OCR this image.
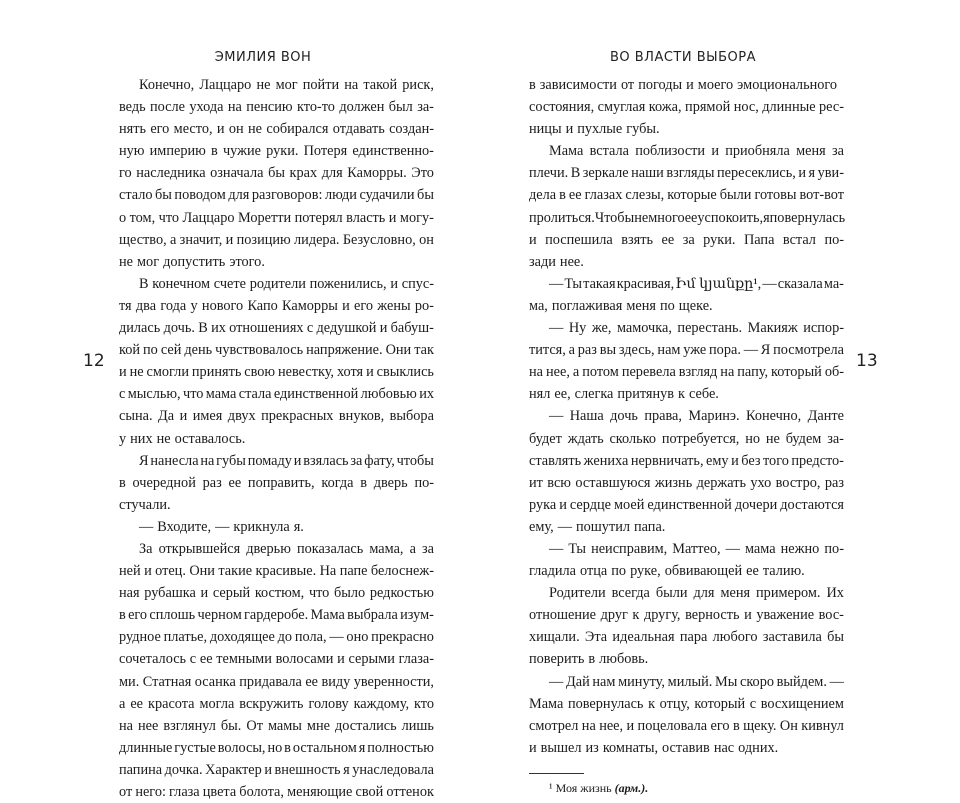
ЭМИЛИЯ ВОН	ВО ВЛАСТИ ВЫБОРА
12	13
Конечно, Лаццаро не мог пойти на такой риск,
ведь после ухода на пенсию кто-то должен был за-
нять его место, и он не собирался отдавать создан-
ную империю в чужие руки. Потеря единственно-
го наследника означала бы крах для Каморры. Это
стало бы поводом для разговоров: люди судачили бы
о том, что Лаццаро Моретти потерял власть и могу-
щество, а значит, и позицию лидера. Безусловно, он
не мог допустить этого.
В конечном счете родители поженились, и спус-
тя два года у нового Капо Каморры и его жены ро-
дилась дочь. В их отношениях с дедушкой и бабуш-
кой по сей день чувствовалось напряжение. Они так
и не смогли принять свою невестку, хотя и свыклись
с мыслью, что мама стала единственной любовью их
сына. Да и имея двух прекрасных внуков, выбора
у них не оставалось.
Я нанесла на губы помаду и взялась за фату, чтобы
в очередной раз ее поправить, когда в дверь по-
стучали.
— Входите, — крикнула я.
За открывшейся дверью показалась мама, а за
ней и отец. Они такие красивые. На папе белоснеж-
ная рубашка и серый костюм, что было редкостью
в его сплошь черном гардеробе. Мама выбрала изум-
рудное платье, доходящее до пола, — оно прекрасно
сочеталось с ее темными волосами и серыми глаза-
ми. Статная осанка придавала ее виду уверенности,
а ее красота могла вскружить голову каждому, кто
на нее взглянул бы. От мамы мне достались лишь
длинные густые волосы, но в остальном я полностью
папина дочка. Характер и внешность я унаследовала
от него: глаза цвета болота, меняющие свой оттенок
в зависимости от погоды и моего эмоционального
состояния, смуглая кожа, прямой нос, длинные рес-
ницы и пухлые губы.
Мама встала поблизости и приобняла меня за
плечи. В зеркале наши взгляды пересеклись, и я уви-
дела в ее глазах слезы, которые были готовы вот-вот
пролиться. Чтобы немного ее успокоить, я повернулась
и поспешила взять ее за руки. Папа встал по-
зади нее.
— Ты такая красивая, Իմ կյանքը¹, — сказала ма-
ма, поглаживая меня по щеке.
— Ну же, мамочка, перестань. Макияж испор-
тится, а раз вы здесь, нам уже пора. — Я посмотрела
на нее, а потом перевела взгляд на папу, который об-
нял ее, слегка притянув к себе.
— Наша дочь права, Маринэ. Конечно, Данте
будет ждать сколько потребуется, но не будем за-
ставлять жениха нервничать, ему и без того предсто-
ит всю оставшуюся жизнь держать ухо востро, раз
рука и сердце моей единственной дочери достаются
ему, — пошутил папа.
— Ты неисправим, Маттео, — мама нежно по-
гладила отца по руке, обвивающей ее талию.
Родители всегда были для меня примером. Их
отношение друг к другу, верность и уважение вос-
хищали. Эта идеальная пара любого заставила бы
поверить в любовь.
— Дай нам минуту, милый. Мы скоро выйдем. —
Мама повернулась к отцу, который с восхищением
смотрел на нее, и поцеловала его в щеку. Он кивнул
и вышел из комнаты, оставив нас одних.
¹ Моя жизнь (арм.).
